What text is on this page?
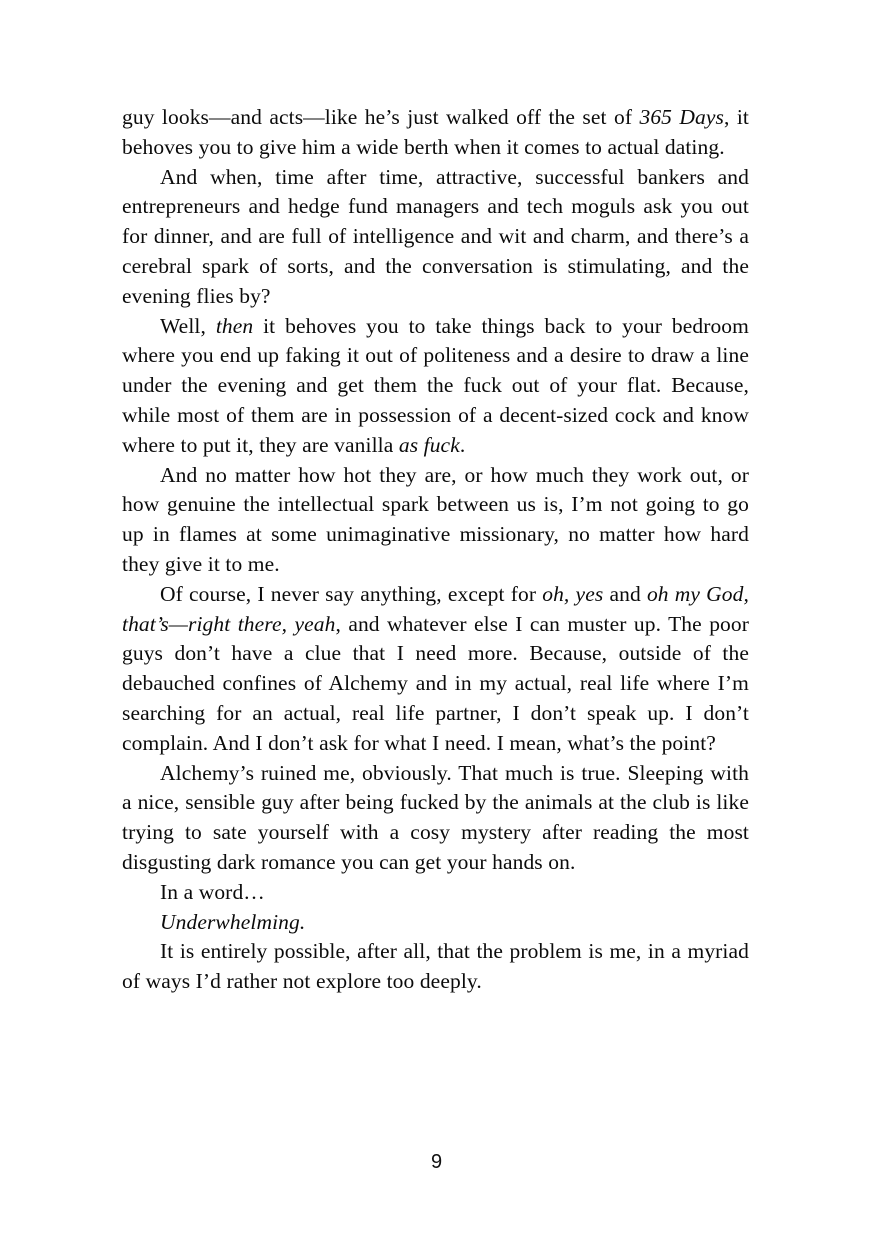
guy looks—and acts—like he’s just walked off the set of 365 Days, it behoves you to give him a wide berth when it comes to actual dating.

And when, time after time, attractive, successful bankers and entrepreneurs and hedge fund managers and tech moguls ask you out for dinner, and are full of intelligence and wit and charm, and there’s a cerebral spark of sorts, and the conversation is stimulating, and the evening flies by?

Well, then it behoves you to take things back to your bedroom where you end up faking it out of politeness and a desire to draw a line under the evening and get them the fuck out of your flat. Because, while most of them are in possession of a decent-sized cock and know where to put it, they are vanilla as fuck.

And no matter how hot they are, or how much they work out, or how genuine the intellectual spark between us is, I’m not going to go up in flames at some unimaginative missionary, no matter how hard they give it to me.

Of course, I never say anything, except for oh, yes and oh my God, that’s—right there, yeah, and whatever else I can muster up. The poor guys don’t have a clue that I need more. Because, outside of the debauched confines of Alchemy and in my actual, real life where I’m searching for an actual, real life partner, I don’t speak up. I don’t complain. And I don’t ask for what I need. I mean, what’s the point?

Alchemy’s ruined me, obviously. That much is true. Sleeping with a nice, sensible guy after being fucked by the animals at the club is like trying to sate yourself with a cosy mystery after reading the most disgusting dark romance you can get your hands on.

In a word…

Underwhelming.

It is entirely possible, after all, that the problem is me, in a myriad of ways I’d rather not explore too deeply.

9
